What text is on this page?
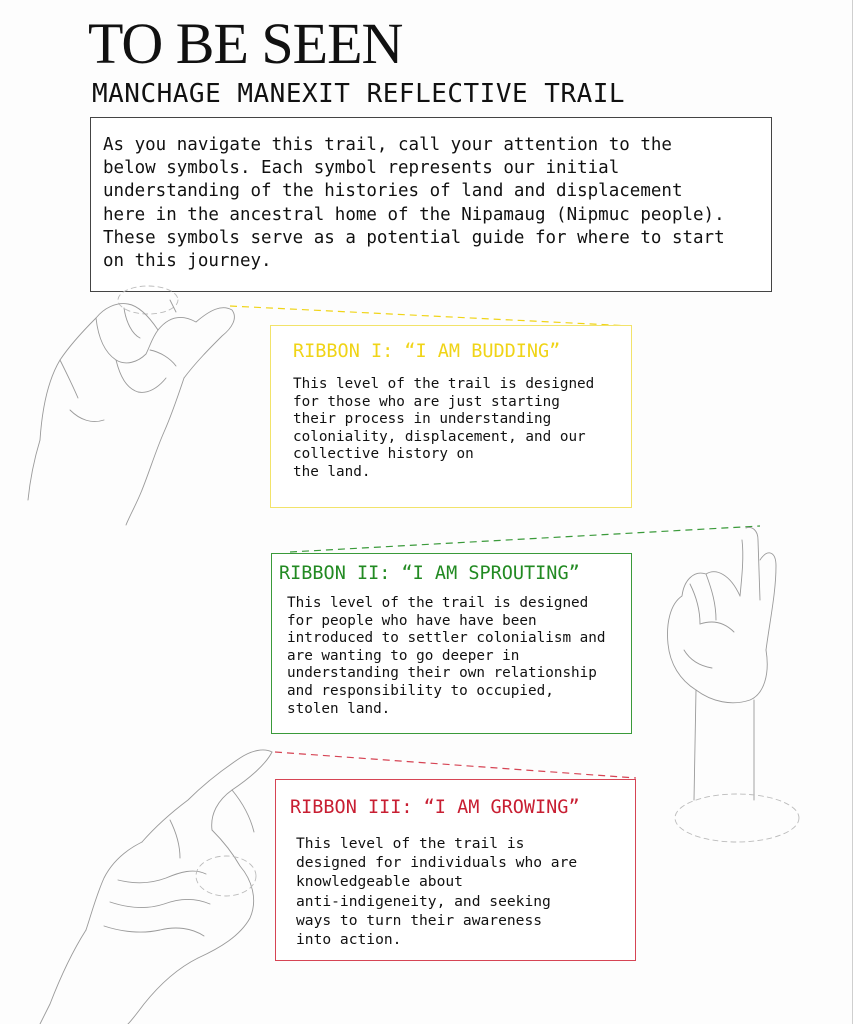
TO BE SEEN
MANCHAGE MANEXIT REFLECTIVE TRAIL
As you navigate this trail, call your attention to the
below symbols. Each symbol represents our initial
understanding of the histories of land and displacement
here in the ancestral home of the Nipamaug (Nipmuc people).
These symbols serve as a potential guide for where to start
on this journey.
RIBBON I: “I AM BUDDING”

This level of the trail is designed
for those who are just starting
their process in understanding
coloniality, displacement, and our
collective history on
the land.

RIBBON II: “I AM SPROUTING”

This level of the trail is designed
for people who have have been
introduced to settler colonialism and
are wanting to go deeper in
understanding their own relationship
and responsibility to occupied,
stolen land.

RIBBON III: “I AM GROWING”

This level of the trail is
designed for individuals who are
knowledgeable about
anti-indigeneity, and seeking
ways to turn their awareness
into action.
